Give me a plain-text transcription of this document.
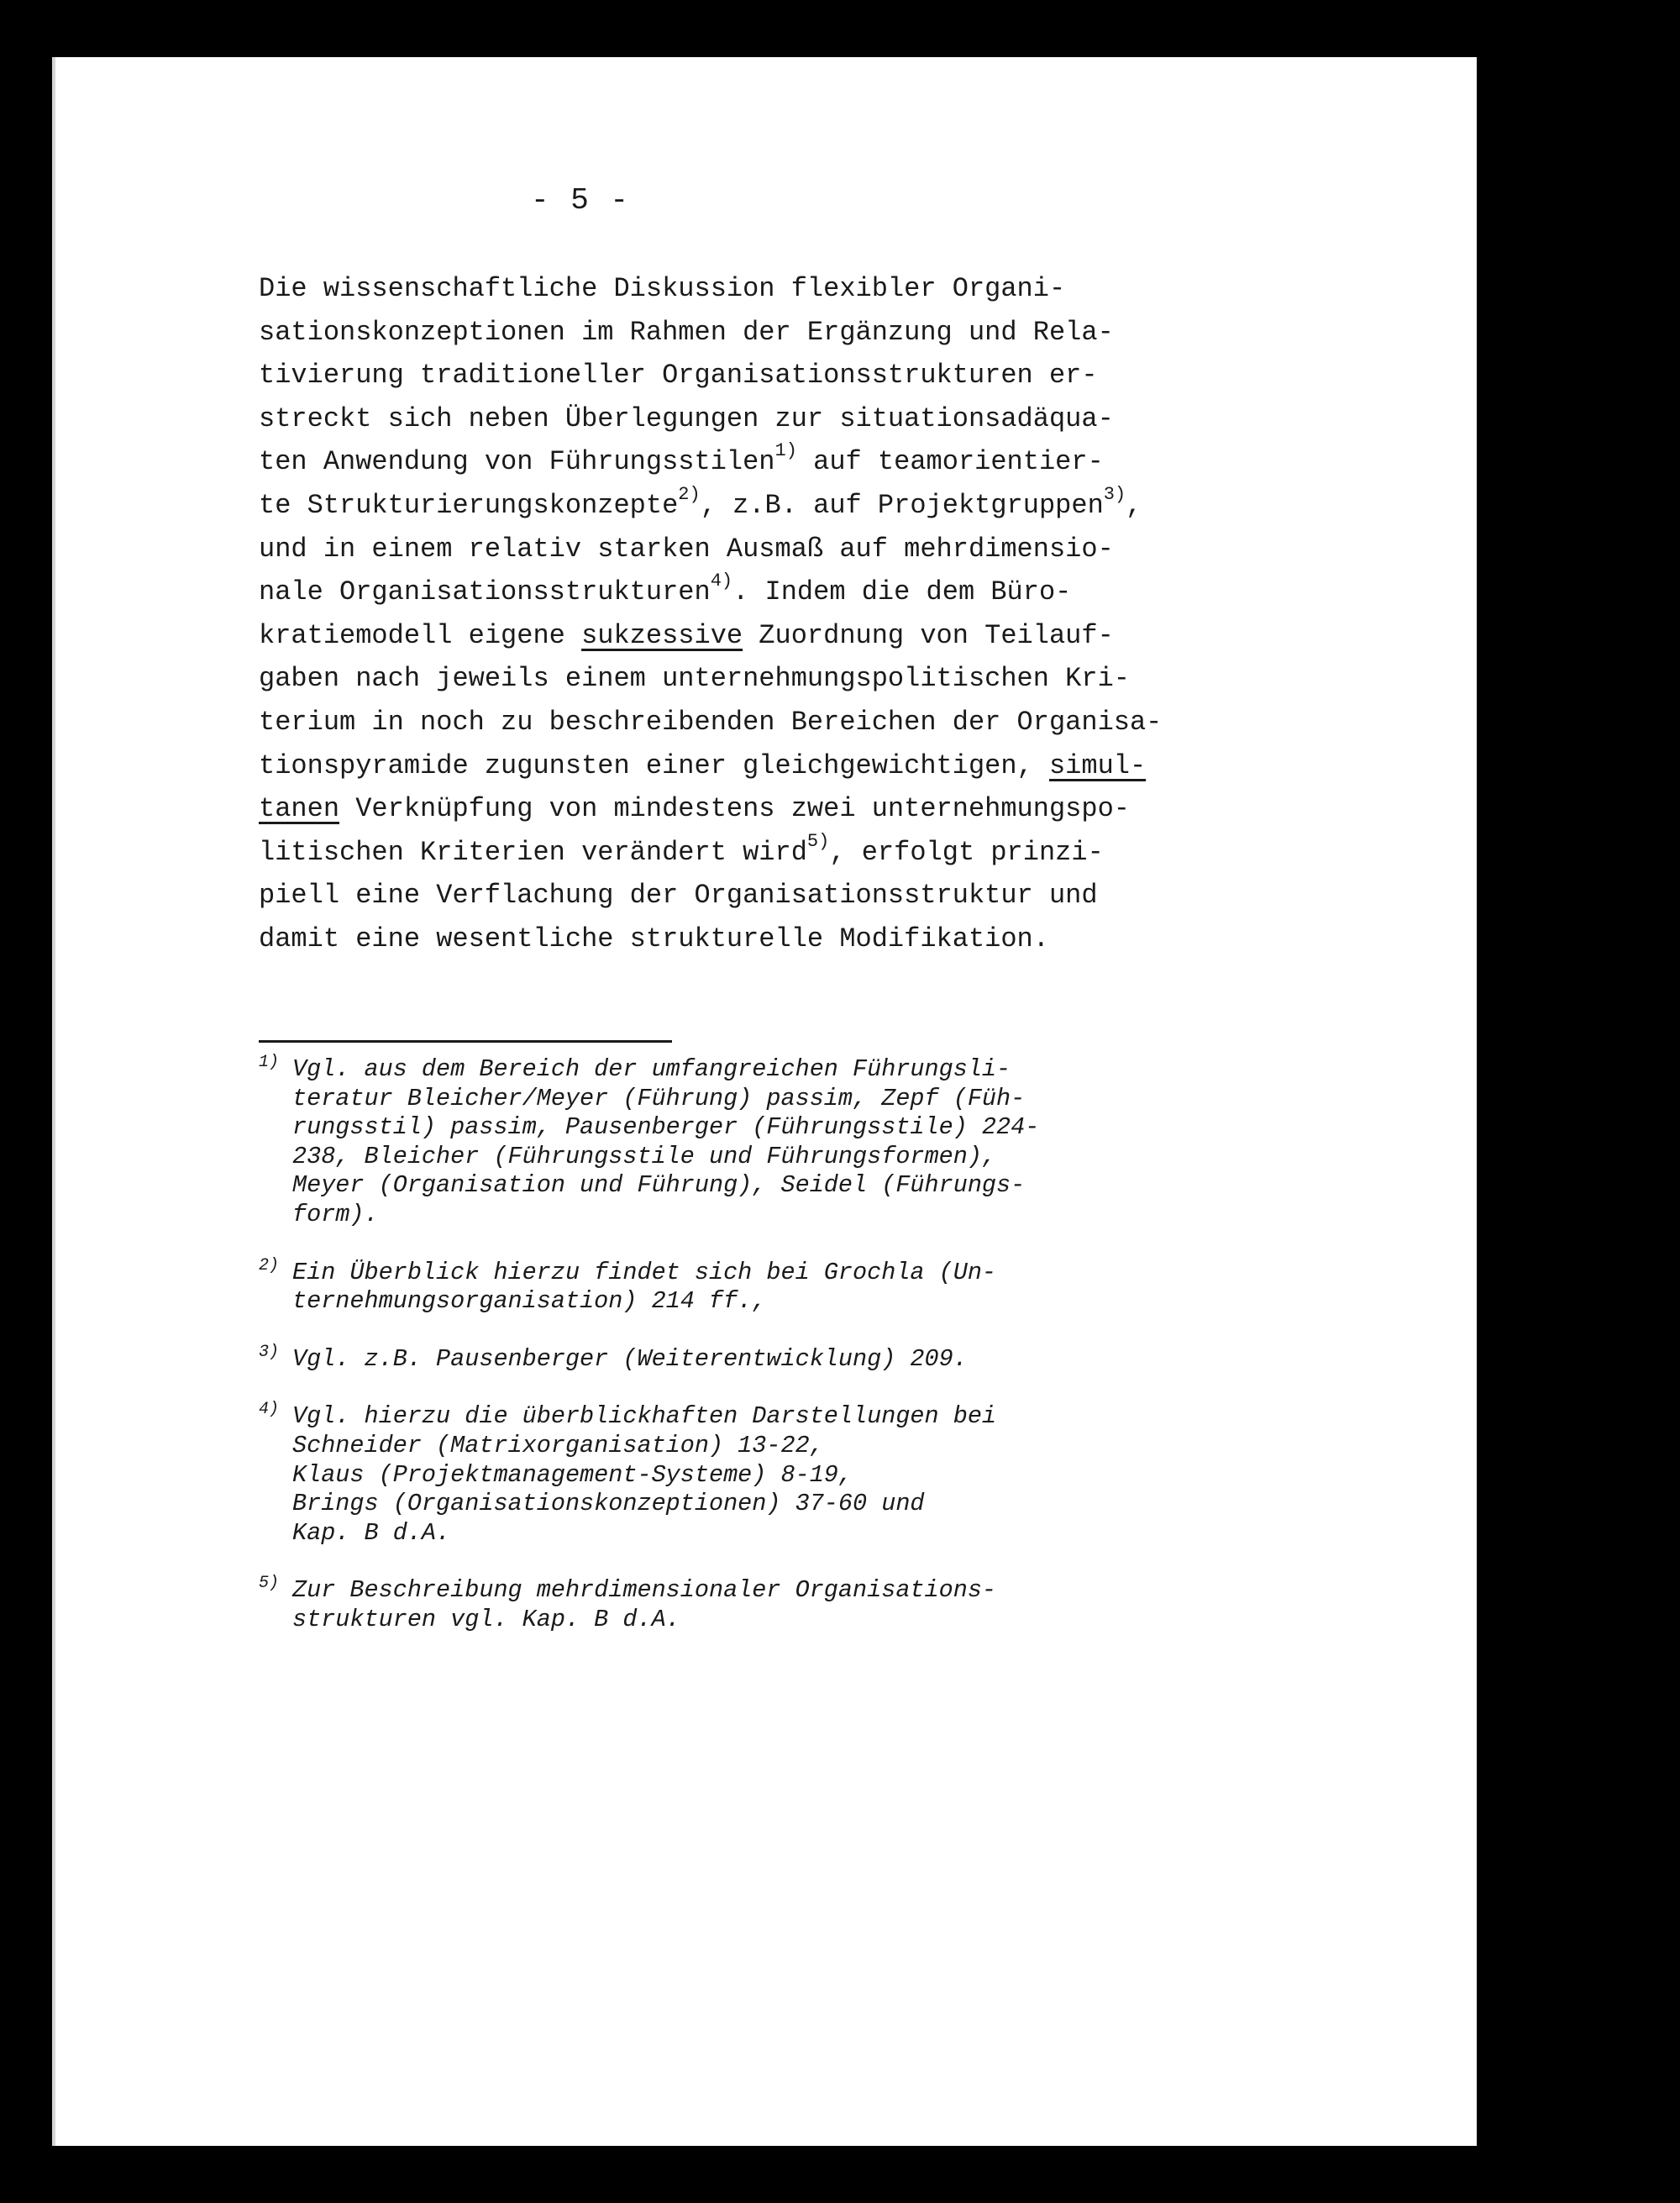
- 5 -
Die wissenschaftliche Diskussion flexibler Organi-
sationskonzeptionen im Rahmen der Ergänzung und Rela-
tivierung traditioneller Organisationsstrukturen er-
streckt sich neben Überlegungen zur situationsadäqua-
ten Anwendung von Führungsstilen$^{1)}$ auf teamorientier-
te Strukturierungskonzepte$^{2)}$, z.B. auf Projektgruppen$^{3)}$,
und in einem relativ starken Ausmaß auf mehrdimensio-
nale Organisationsstrukturen$^{4)}$. Indem die dem Büro-
kratiemodell eigene sukzessive Zuordnung von Teilauf-
gaben nach jeweils einem unternehmungspolitischen Kri-
terium in noch zu beschreibenden Bereichen der Organisa-
tionspyramide zugunsten einer gleichgewichtigen, simul-
tanen Verknüpfung von mindestens zwei unternehmungspo-
litischen Kriterien verändert wird$^{5)}$, erfolgt prinzi-
piell eine Verflachung der Organisationsstruktur und
damit eine wesentliche strukturelle Modifikation.
1) Vgl. aus dem Bereich der umfangreichen Führungsli-
teratur Bleicher/Meyer (Führung) passim, Zepf (Füh-
rungsstil) passim, Pausenberger (Führungsstile) 224-
238, Bleicher (Führungsstile und Führungsformen),
Meyer (Organisation und Führung), Seidel (Führungs-
form).
2) Ein Überblick hierzu findet sich bei Grochla (Un-
ternehmungsorganisation) 214 ff.,
3) Vgl. z.B. Pausenberger (Weiterentwicklung) 209.
4) Vgl. hierzu die überblickhaften Darstellungen bei
Schneider (Matrixorganisation) 13-22,
Klaus (Projektmanagement-Systeme) 8-19,
Brings (Organisationskonzeptionen) 37-60 und
Kap. B d.A.
5) Zur Beschreibung mehrdimensionaler Organisations-
strukturen vgl. Kap. B d.A.
